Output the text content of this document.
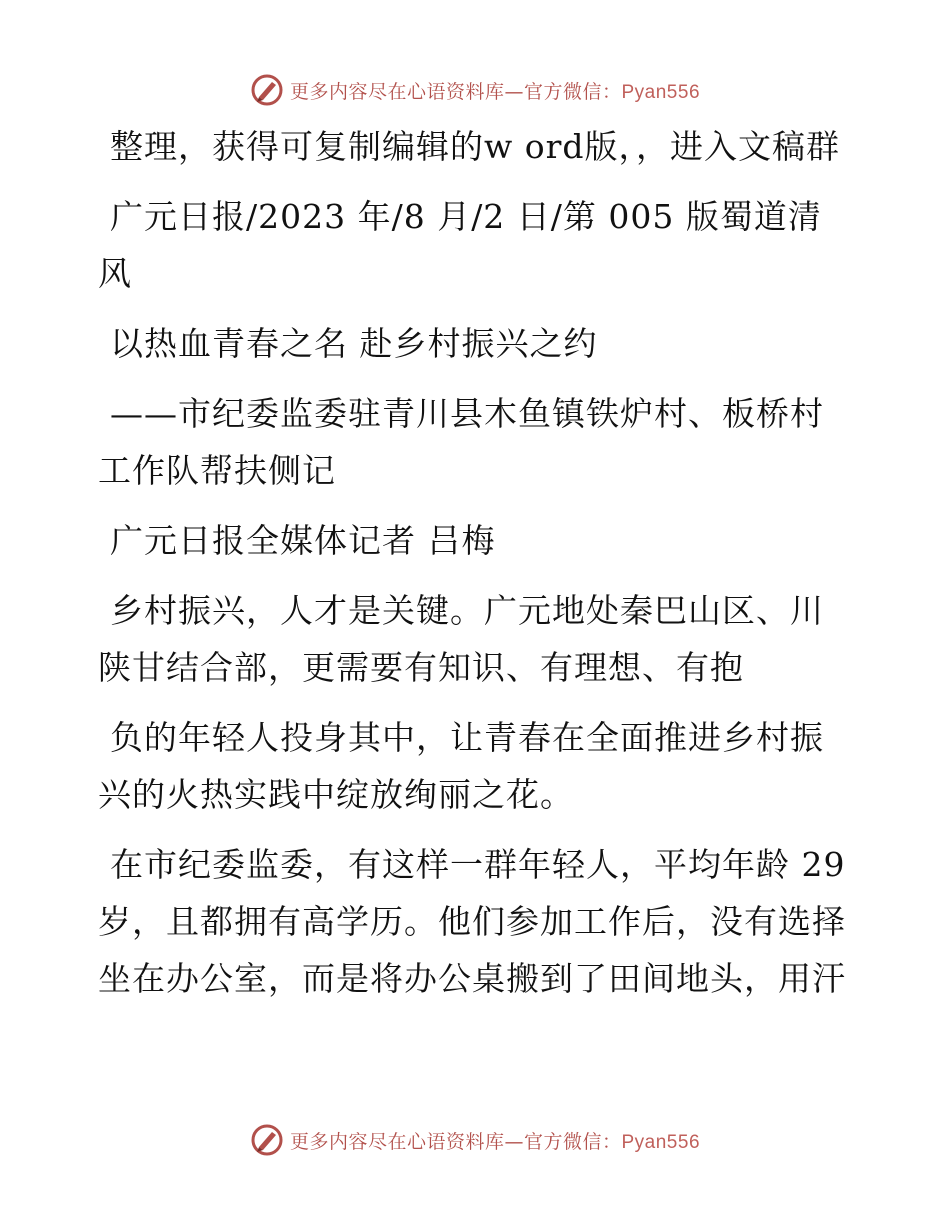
更多内容尽在心语资料库—官方微信：Pyan556

整理，获得可复制编辑的w ord版，，进入文稿群

广元日报/2023 年/8 月/2 日/第 005 版蜀道清风

以热血青春之名 赴乡村振兴之约

——市纪委监委驻青川县木鱼镇铁炉村、板桥村工作队帮扶侧记

广元日报全媒体记者 吕梅

乡村振兴，人才是关键。广元地处秦巴山区、川陕甘结合部，更需要有知识、有理想、有抱

负的年轻人投身其中，让青春在全面推进乡村振兴的火热实践中绽放绚丽之花。

在市纪委监委，有这样一群年轻人，平均年龄 29 岁，且都拥有高学历。他们参加工作后，没有选择坐在办公室，而是将办公桌搬到了田间地头，用汗

更多内容尽在心语资料库—官方微信：Pyan556
